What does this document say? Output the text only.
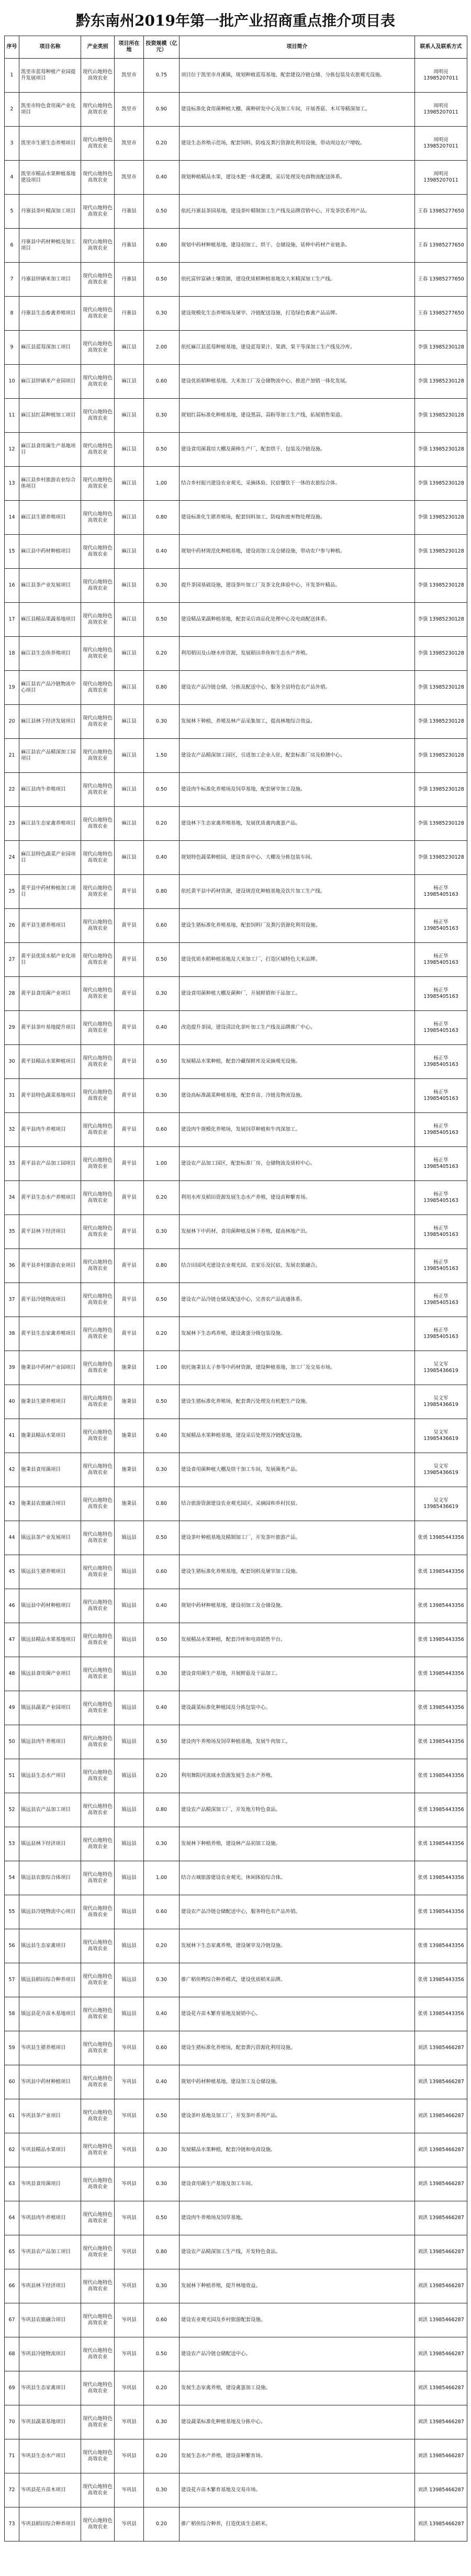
黔东南州2019年第一批产业招商重点推介项目表
序号	项目名称	产业类别	项目所在地	投资规模（亿元）	项目简介	联系人及联系方式
1	凯里市蓝莓种植产业园提升发展项目	现代山地特色高效农业	凯里市	0.75	项目位于凯里市舟溪镇，规划种植蓝莓基地，配套建设冷链仓储、分拣包装及农旅观光设施。	周明亮 13985207011
2	凯里市特色食用菌产业化项目	现代山地特色高效农业	凯里市	0.90	建设标准化食用菌种植大棚、菌种研发中心及加工车间，开展香菇、木耳等精深加工。	周明亮 13985207011
3	凯里市生猪生态养殖项目	现代山地特色高效农业	凯里市	0.20	建设生态养殖示范场，配套饲料、防疫及粪污资源化利用设施，带动周边农户增收。	周明亮 13985207011
4	凯里市精品水果种植基地建设项目	现代山地特色高效农业	凯里市	0.40	规划种植精品水果，建设水肥一体化灌溉、采后处理及电商物流配送体系。	周明亮 13985207011
5	丹寨县茶叶精深加工项目	现代山地特色高效农业	丹寨县	0.50	依托丹寨县茶园基地，建设茶叶精制加工生产线及品牌营销中心，开发茶饮系列产品。	王春 13985277650
6	丹寨县中药材种植及加工项目	现代山地特色高效农业	丹寨县	0.80	规划中药材种植基地，建设初加工、烘干、仓储设施，延伸中药材产业链条。	王春 13985277650
7	丹寨县锌硒米加工项目	现代山地特色高效农业	丹寨县	0.50	依托富锌富硒土壤资源，建设优质稻种植基地及大米精深加工生产线。	王春 13985277650
8	丹寨县生态畜禽养殖项目	现代山地特色高效农业	丹寨县	0.30	建设规模化生态养殖场及屠宰、冷链配送设施，打造绿色畜禽产品品牌。	王春 13985277650
9	麻江县蓝莓深加工项目	现代山地特色高效农业	麻江县	2.00	依托麻江县蓝莓种植基地，建设蓝莓果汁、果酒、果干等深加工生产线及冷库。	李强 13985230128
10	麻江县锌硒米产业园项目	现代山地特色高效农业	麻江县	0.60	建设优质稻种植基地、大米加工厂及仓储物流中心，推进产加销一体化发展。	李强 13985230128
11	麻江县红蒜种植加工项目	现代山地特色高效农业	麻江县	0.30	规划红蒜标准化种植基地，建设黑蒜、蒜粉等加工生产线，拓展销售渠道。	李强 13985230128
12	麻江县食用菌生产基地项目	现代山地特色高效农业	麻江县	0.50	建设食用菌栽培大棚及菌棒生产厂，配套烘干、包装及冷链设施。	李强 13985230128
13	麻江县乡村旅游农业综合体项目	现代山地特色高效农业	麻江县	1.00	结合乡村振兴建设农业观光、采摘体验、民宿餐饮于一体的农旅综合体。	李强 13985230128
14	麻江县生猪养殖项目	现代山地特色高效农业	麻江县	0.80	建设标准化生猪养殖场，配套饲料加工、防疫和废弃物处理设施。	李强 13985230128
15	麻江县中药材种植项目	现代山地特色高效农业	麻江县	0.40	规划中药材规范化种植基地，建设初加工及仓储设施，带动农户参与种植。	李强 13985230128
16	麻江县茶产业发展项目	现代山地特色高效农业	麻江县	0.30	提升茶园基础设施，建设茶叶加工厂及茶文化体验中心，开发茶叶精品。	李强 13985230128
17	麻江县精品果蔬基地项目	现代山地特色高效农业	麻江县	0.50	建设精品果蔬种植基地，配套采后商品化处理中心及电商配送体系。	李强 13985230128
18	麻江县生态鱼养殖项目	现代山地特色高效农业	麻江县	0.20	利用稻田及山塘水库资源，发展稻田养鱼和生态水产养殖。	李强 13985230128
19	麻江县农产品冷链物流中心项目	现代山地特色高效农业	麻江县	0.80	建设农产品冷链仓储、分拣及配送中心，服务全县特色农产品外销。	李强 13985230128
20	麻江县林下经济发展项目	现代山地特色高效农业	麻江县	0.30	发展林下种植、养殖及林产品采集加工，提高林地综合效益。	李强 13985230128
21	麻江县农产品精深加工园项目	现代山地特色高效农业	麻江县	1.50	建设农产品精深加工园区，引进加工企业入驻，配套标准厂房及检测中心。	李强 13985230128
22	麻江县肉牛养殖项目	现代山地特色高效农业	麻江县	0.50	建设肉牛标准化养殖场及饲草基地，配套屠宰加工设施。	李强 13985230128
23	麻江县生态家禽养殖项目	现代山地特色高效农业	麻江县	0.20	建设林下生态家禽养殖基地，发展优质禽肉禽蛋产品。	李强 13985230128
24	麻江县特色蔬菜产业园项目	现代山地特色高效农业	麻江县	0.40	规划特色蔬菜种植园，建设育苗中心、大棚及分拣包装车间。	李强 13985230128
25	黄平县中药材种植加工项目	现代山地特色高效农业	黄平县	0.80	依托黄平县中药材资源，建设规范化种植基地及饮片加工生产线。	杨正华 13985405163
26	黄平县生猪养殖项目	现代山地特色高效农业	黄平县	0.60	建设生猪标准化养殖基地，配套饲料厂及粪污资源化利用设施。	杨正华 13985405163
27	黄平县优质水稻产业化项目	现代山地特色高效农业	黄平县	0.50	建设优质水稻种植基地及大米加工厂，打造区域特色大米品牌。	杨正华 13985405163
28	黄平县食用菌产业项目	现代山地特色高效农业	黄平县	0.30	建设食用菌种植大棚及菌种厂，开展鲜销和干品加工。	杨正华 13985405163
29	黄平县茶叶基地提升项目	现代山地特色高效农业	黄平县	0.40	改造提升茶园，建设清洁化茶叶加工生产线及品牌推广中心。	杨正华 13985405163
30	黄平县精品水果种植项目	现代山地特色高效农业	黄平县	0.50	发展精品水果种植，配套冷藏保鲜库及采摘观光设施。	杨正华 13985405163
31	黄平县特色蔬菜基地项目	现代山地特色高效农业	黄平县	0.30	建设高标准蔬菜种植基地，配套育苗、冷链及物流设施。	杨正华 13985405163
32	黄平县肉牛养殖项目	现代山地特色高效农业	黄平县	0.60	建设肉牛规模化养殖场，发展饲草种植和牛肉深加工。	杨正华 13985405163
33	黄平县农产品加工园项目	现代山地特色高效农业	黄平县	1.00	建设农产品加工园区，配套标准厂房、仓储物流及质检中心。	杨正华 13985405163
34	黄平县生态水产养殖项目	现代山地特色高效农业	黄平县	0.20	利用水库及稻田资源发展生态水产养殖，建设苗种繁育场。	杨正华 13985405163
35	黄平县林下经济项目	现代山地特色高效农业	黄平县	0.30	发展林下中药材、食用菌种植及林下养殖，提高林地产出。	杨正华 13985405163
36	黄平县乡村旅游农业项目	现代山地特色高效农业	黄平县	0.80	结合田园风光建设农业观光园、农家乐及民宿，发展农旅融合。	杨正华 13985405163
37	黄平县冷链物流项目	现代山地特色高效农业	黄平县	0.50	建设农产品冷链仓储及配送中心，完善农产品流通体系。	杨正华 13985405163
38	黄平县生态家禽养殖项目	现代山地特色高效农业	黄平县	0.20	发展林下生态鸡养殖，建设禽蛋分级包装设施。	杨正华 13985405163
39	施秉县中药材产业园项目	现代山地特色高效农业	施秉县	1.00	依托施秉县太子参等中药材资源，建设种植基地、加工厂及交易市场。	吴文军 13985436619
40	施秉县生猪养殖项目	现代山地特色高效农业	施秉县	0.50	建设生猪标准化养殖场，配套粪污处理及有机肥生产设施。	吴文军 13985436619
41	施秉县精品水果项目	现代山地特色高效农业	施秉县	0.40	发展精品水果种植基地，建设采后处理及冷链配送设施。	吴文军 13985436619
42	施秉县食用菌项目	现代山地特色高效农业	施秉县	0.30	建设食用菌种植大棚及烘干加工车间，发展菌类产品。	吴文军 13985436619
43	施秉县农旅融合项目	现代山地特色高效农业	施秉县	0.80	结合旅游资源建设农业观光园区、采摘园和乡村民宿。	吴文军 13985436619
44	镇远县茶产业发展项目	现代山地特色高效农业	镇远县	0.50	建设茶叶种植基地及精制加工厂，开发茶叶旅游产品。	张勇 13985443356
45	镇远县生猪养殖项目	现代山地特色高效农业	镇远县	0.60	建设生猪标准化养殖基地，配套饲料及屠宰加工设施。	张勇 13985443356
46	镇远县中药材种植项目	现代山地特色高效农业	镇远县	0.40	规划中药材种植基地，建设初加工及仓储设施。	张勇 13985443356
47	镇远县精品水果基地项目	现代山地特色高效农业	镇远县	0.50	发展精品水果种植，配套冷库和电商销售平台。	张勇 13985443356
48	镇远县食用菌产业项目	现代山地特色高效农业	镇远县	0.30	建设食用菌生产基地，开展鲜菇及干品加工。	张勇 13985443356
49	镇远县蔬菜产业园项目	现代山地特色高效农业	镇远县	0.40	建设蔬菜标准化种植园及分拣包装中心。	张勇 13985443356
50	镇远县肉牛养殖项目	现代山地特色高效农业	镇远县	0.50	建设肉牛养殖场及饲草种植基地，发展牛肉加工。	张勇 13985443356
51	镇远县生态水产项目	现代山地特色高效农业	镇远县	0.20	利用舞阳河流域水资源发展生态水产养殖。	张勇 13985443356
52	镇远县农产品加工项目	现代山地特色高效农业	镇远县	0.80	建设农产品精深加工厂，开发地方特色食品。	张勇 13985443356
53	镇远县林下经济项目	现代山地特色高效农业	镇远县	0.30	发展林下种植养殖，建设林产品初加工设施。	张勇 13985443356
54	镇远县农旅综合体项目	现代山地特色高效农业	镇远县	1.00	结合古城旅游建设农业观光、休闲体验综合体。	张勇 13985443356
55	镇远县冷链物流中心项目	现代山地特色高效农业	镇远县	0.60	建设农产品冷链仓储配送中心，服务特色农产品外销。	张勇 13985443356
56	镇远县生态家禽项目	现代山地特色高效农业	镇远县	0.20	发展林下生态家禽养殖，建设屠宰及冷链设施。	张勇 13985443356
57	镇远县稻田综合种养项目	现代山地特色高效农业	镇远县	0.30	推广稻鱼鸭综合种养模式，建设优质稻米品牌。	张勇 13985443356
58	镇远县花卉苗木基地项目	现代山地特色高效农业	镇远县	0.40	建设花卉苗木繁育基地及展销中心。	张勇 13985443356
59	岑巩县生猪养殖项目	现代山地特色高效农业	岑巩县	0.60	建设生猪标准化养殖场，配套粪污资源化利用设施。	刘洪 13985466287
60	岑巩县中药材种植项目	现代山地特色高效农业	岑巩县	0.40	规划中药材种植基地，建设加工及仓储设施。	刘洪 13985466287
61	岑巩县茶产业项目	现代山地特色高效农业	岑巩县	0.50	建设茶叶基地及加工厂，开发茶叶系列产品。	刘洪 13985466287
62	岑巩县精品水果项目	现代山地特色高效农业	岑巩县	0.30	发展精品水果种植，配套冷链和电商设施。	刘洪 13985466287
63	岑巩县食用菌项目	现代山地特色高效农业	岑巩县	0.30	建设食用菌生产基地及加工车间。	刘洪 13985466287
64	岑巩县肉牛养殖项目	现代山地特色高效农业	岑巩县	0.50	建设肉牛养殖场及饲草基地。	刘洪 13985466287
65	岑巩县农产品加工项目	现代山地特色高效农业	岑巩县	0.80	建设农产品精深加工生产线，开发特色食品。	刘洪 13985466287
66	岑巩县林下经济项目	现代山地特色高效农业	岑巩县	0.30	发展林下种植养殖，提升林地效益。	刘洪 13985466287
67	岑巩县农旅融合项目	现代山地特色高效农业	岑巩县	0.60	建设农业观光园及乡村旅游配套设施。	刘洪 13985466287
68	岑巩县冷链物流项目	现代山地特色高效农业	岑巩县	0.50	建设农产品冷链仓储配送中心。	刘洪 13985466287
69	岑巩县生态家禽项目	现代山地特色高效农业	岑巩县	0.20	发展生态家禽养殖，建设禽蛋加工设施。	刘洪 13985466287
70	岑巩县蔬菜基地项目	现代山地特色高效农业	岑巩县	0.30	建设蔬菜标准化种植基地及分拣中心。	刘洪 13985466287
71	岑巩县生态水产项目	现代山地特色高效农业	岑巩县	0.20	发展生态水产养殖，建设苗种繁育场。	刘洪 13985466287
72	岑巩县花卉苗木项目	现代山地特色高效农业	岑巩县	0.30	建设花卉苗木繁育基地及交易市场。	刘洪 13985466287
73	岑巩县稻田综合种养项目	现代山地特色高效农业	岑巩县	0.20	推广稻鱼综合种养，打造优质生态稻米。	刘洪 13985466287
